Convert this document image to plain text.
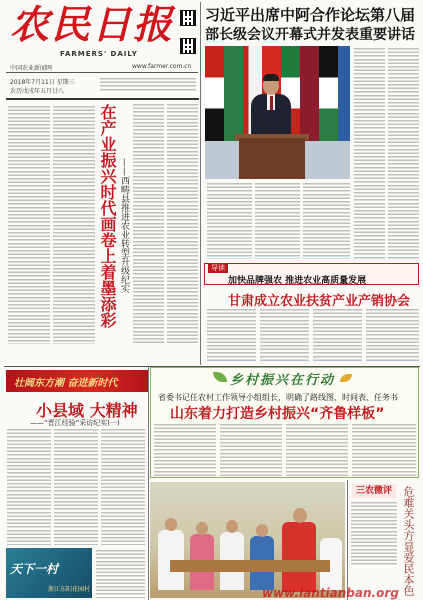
农民日报
FARMERS' DAILY
中国农业新闻网	www.farmer.com.cn
2018年7月11日 星期三
农历戊戌年五月廿八
习近平出席中阿合作论坛第八届
部长级会议开幕式并发表重要讲话
在产业振兴时代画卷上着墨添彩 ——西畴县推进农业转型升级纪实	导读
加快品牌强农 推进农业高质量发展
甘肃成立农业扶贫产业产销协会
壮阔东方潮 奋进新时代
小县域 大精神
——“晋江经验”采访纪实(一)
天下一村
浙江东阳花园村
乡村振兴在行动
省委书记任农村工作领导小组组长，明确了路线图、时间表、任务书
山东着力打造乡村振兴“齐鲁样板”
三农微评 危难关头方显爱民本色
www.lantianban.org
